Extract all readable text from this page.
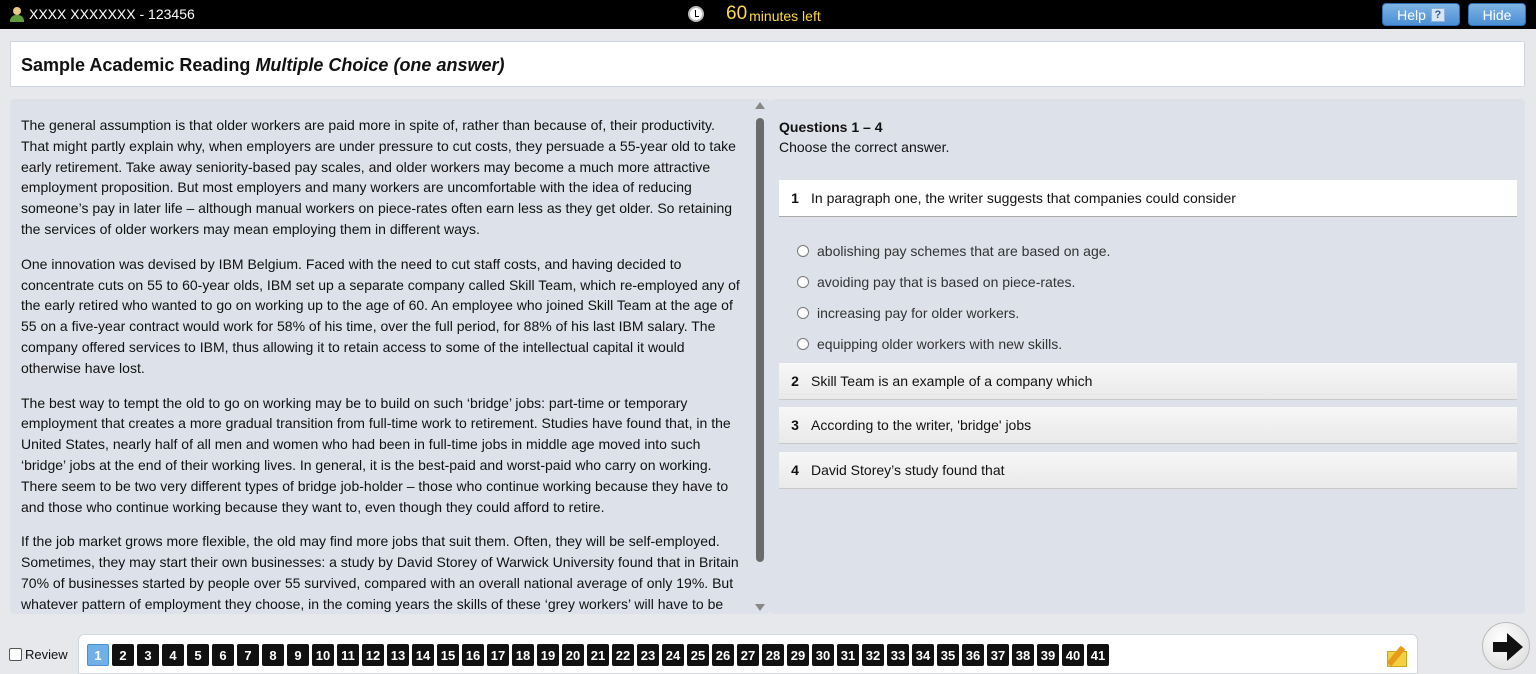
XXXX XXXXXXX - 123456	60 minutes left	Help ?	Hide
Sample Academic Reading Multiple Choice (one answer)

The general assumption is that older workers are paid more in spite of, rather than because of, their productivity. That might partly explain why, when employers are under pressure to cut costs, they persuade a 55-year old to take early retirement. Take away seniority-based pay scales, and older workers may become a much more attractive employment proposition. But most employers and many workers are uncomfortable with the idea of reducing someone’s pay in later life – although manual workers on piece-rates often earn less as they get older. So retaining the services of older workers may mean employing them in different ways.

One innovation was devised by IBM Belgium. Faced with the need to cut staff costs, and having decided to concentrate cuts on 55 to 60-year olds, IBM set up a separate company called Skill Team, which re-employed any of the early retired who wanted to go on working up to the age of 60. An employee who joined Skill Team at the age of 55 on a five-year contract would work for 58% of his time, over the full period, for 88% of his last IBM salary. The company offered services to IBM, thus allowing it to retain access to some of the intellectual capital it would otherwise have lost.

The best way to tempt the old to go on working may be to build on such ‘bridge’ jobs: part-time or temporary employment that creates a more gradual transition from full-time work to retirement. Studies have found that, in the United States, nearly half of all men and women who had been in full-time jobs in middle age moved into such ‘bridge’ jobs at the end of their working lives. In general, it is the best-paid and worst-paid who carry on working. There seem to be two very different types of bridge job-holder – those who continue working because they have to and those who continue working because they want to, even though they could afford to retire.

If the job market grows more flexible, the old may find more jobs that suit them. Often, they will be self-employed. Sometimes, they may start their own businesses: a study by David Storey of Warwick University found that in Britain 70% of businesses started by people over 55 survived, compared with an overall national average of only 19%. But whatever pattern of employment they choose, in the coming years the skills of these ‘grey workers’ will have to be

Questions 1 – 4
Choose the correct answer.
1 In paragraph one, the writer suggests that companies could consider
abolishing pay schemes that are based on age.
avoiding pay that is based on piece-rates.
increasing pay for older workers.
equipping older workers with new skills.
2 Skill Team is an example of a company which
3 According to the writer, 'bridge' jobs
4 David Storey’s study found that
Review	1	2	3	4	5	6	7	8	9	10 11 12 13 14 15 16 17 18 19 20 21 22 23 24 25 26 27 28 29 30 31 32 33 34 35 36 37 38 39 40 41
